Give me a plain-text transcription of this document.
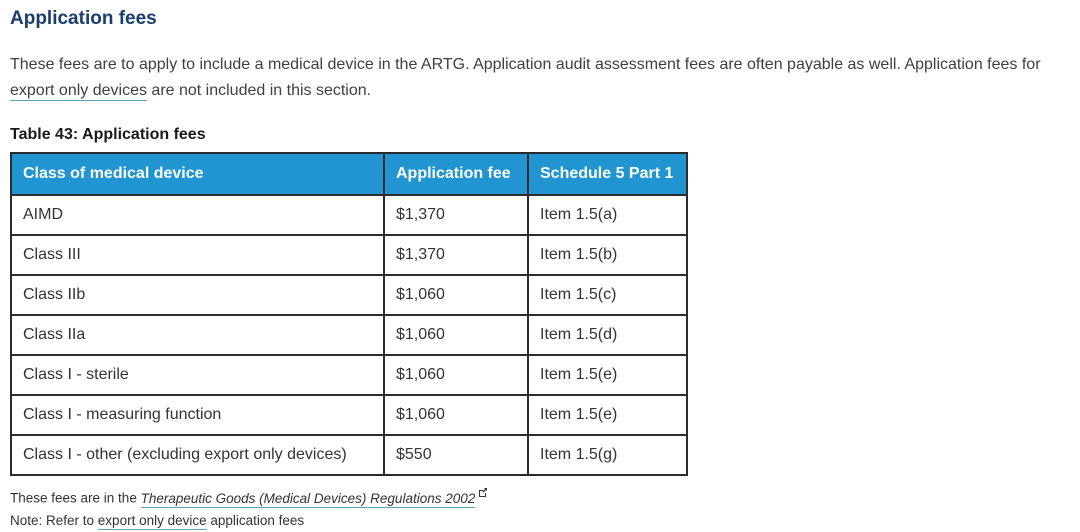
Application fees

These fees are to apply to include a medical device in the ARTG. Application audit assessment fees are often payable as well. Application fees for export only devices are not included in this section.

Table 43: Application fees
Class of medical device	Application fee	Schedule 5 Part 1
AIMD	$1,370	Item 1.5(a)
Class III	$1,370	Item 1.5(b)
Class IIb	$1,060	Item 1.5(c)
Class IIa	$1,060	Item 1.5(d)
Class I - sterile	$1,060	Item 1.5(e)
Class I - measuring function	$1,060	Item 1.5(e)
Class I - other (excluding export only devices)	$550	Item 1.5(g)
These fees are in the Therapeutic Goods (Medical Devices) Regulations 2002
Note: Refer to export only device application fees
